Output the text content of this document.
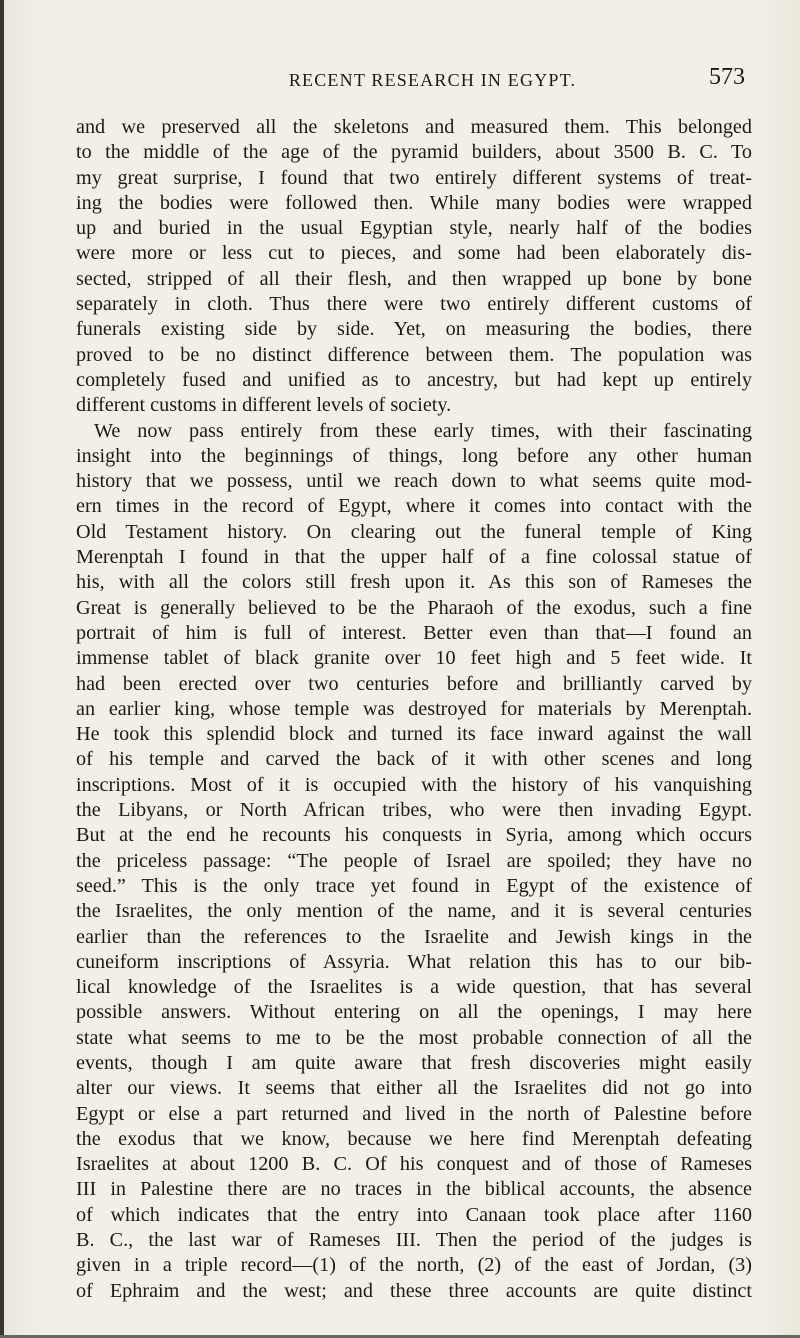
RECENT RESEARCH IN EGYPT.	573
and we preserved all the skeletons and measured them. This belonged
to the middle of the age of the pyramid builders, about 3500 B. C. To
my great surprise, I found that two entirely different systems of treat-
ing the bodies were followed then. While many bodies were wrapped
up and buried in the usual Egyptian style, nearly half of the bodies
were more or less cut to pieces, and some had been elaborately dis-
sected, stripped of all their flesh, and then wrapped up bone by bone
separately in cloth. Thus there were two entirely different customs of
funerals existing side by side. Yet, on measuring the bodies, there
proved to be no distinct difference between them. The population was
completely fused and unified as to ancestry, but had kept up entirely
different customs in different levels of society.
We now pass entirely from these early times, with their fascinating
insight into the beginnings of things, long before any other human
history that we possess, until we reach down to what seems quite mod-
ern times in the record of Egypt, where it comes into contact with the
Old Testament history. On clearing out the funeral temple of King
Merenptah I found in that the upper half of a fine colossal statue of
his, with all the colors still fresh upon it. As this son of Rameses the
Great is generally believed to be the Pharaoh of the exodus, such a fine
portrait of him is full of interest. Better even than that—I found an
immense tablet of black granite over 10 feet high and 5 feet wide. It
had been erected over two centuries before and brilliantly carved by
an earlier king, whose temple was destroyed for materials by Merenptah.
He took this splendid block and turned its face inward against the wall
of his temple and carved the back of it with other scenes and long
inscriptions. Most of it is occupied with the history of his vanquishing
the Libyans, or North African tribes, who were then invading Egypt.
But at the end he recounts his conquests in Syria, among which occurs
the priceless passage: “The people of Israel are spoiled; they have no
seed.” This is the only trace yet found in Egypt of the existence of
the Israelites, the only mention of the name, and it is several centuries
earlier than the references to the Israelite and Jewish kings in the
cuneiform inscriptions of Assyria. What relation this has to our bib-
lical knowledge of the Israelites is a wide question, that has several
possible answers. Without entering on all the openings, I may here
state what seems to me to be the most probable connection of all the
events, though I am quite aware that fresh discoveries might easily
alter our views. It seems that either all the Israelites did not go into
Egypt or else a part returned and lived in the north of Palestine before
the exodus that we know, because we here find Merenptah defeating
Israelites at about 1200 B. C. Of his conquest and of those of Rameses
III in Palestine there are no traces in the biblical accounts, the absence
of which indicates that the entry into Canaan took place after 1160
B. C., the last war of Rameses III. Then the period of the judges is
given in a triple record—(1) of the north, (2) of the east of Jordan, (3)
of Ephraim and the west; and these three accounts are quite distinct
